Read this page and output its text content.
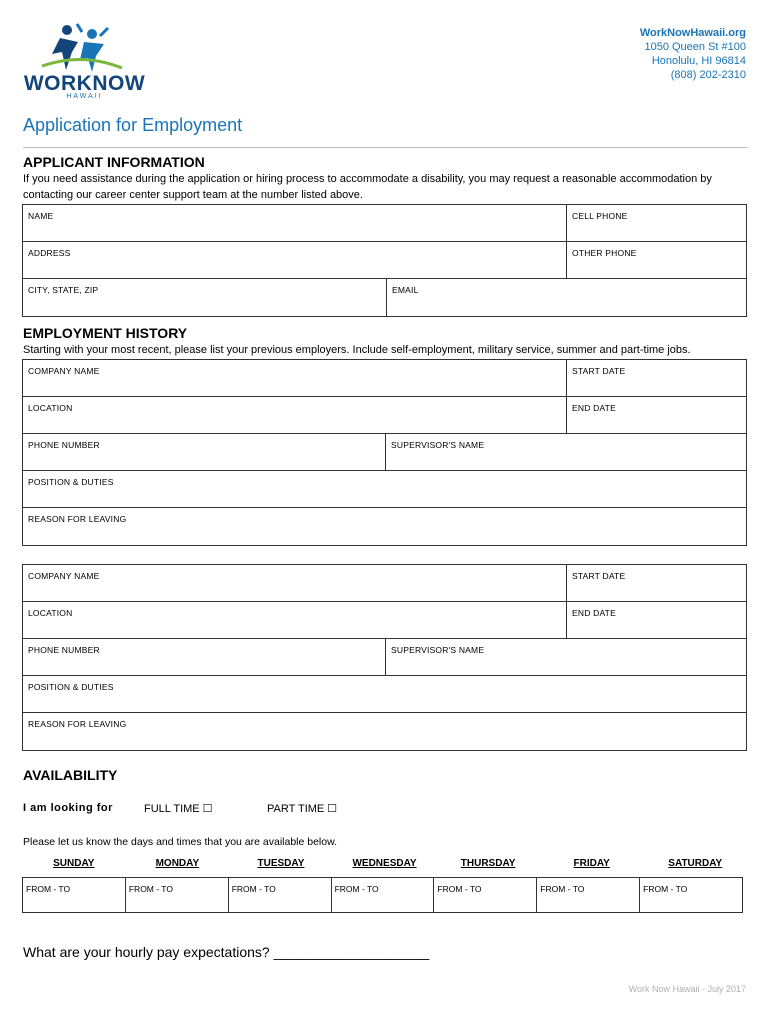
WORKNOW
HAWAII
WorkNowHawaii.org
1050 Queen St #100
Honolulu, HI 96814
(808) 202-2310
Application for Employment
APPLICANT INFORMATION
If you need assistance during the application or hiring process to accommodate a disability, you may request a reasonable accommodation by contacting our career center support team at the number listed above.
NAME	CELL PHONE
ADDRESS	OTHER PHONE
CITY, STATE, ZIP	EMAIL
EMPLOYMENT HISTORY
Starting with your most recent, please list your previous employers. Include self-employment, military service, summer and part-time jobs.
COMPANY NAME	START DATE
LOCATION	END DATE
PHONE NUMBER	SUPERVISOR'S NAME
POSITION & DUTIES
REASON FOR LEAVING
COMPANY NAME	START DATE
LOCATION	END DATE
PHONE NUMBER	SUPERVISOR'S NAME
POSITION & DUTIES
REASON FOR LEAVING
AVAILABILITY
I am looking for	FULL TIME ☐	PART TIME ☐
Please let us know the days and times that you are available below.
SUNDAY	MONDAY	TUESDAY	WEDNESDAY	THURSDAY	FRIDAY	SATURDAY
FROM - TO	FROM - TO	FROM - TO	FROM - TO	FROM - TO	FROM - TO	FROM - TO
What are your hourly pay expectations? ____________________
Work Now Hawaii - July 2017
